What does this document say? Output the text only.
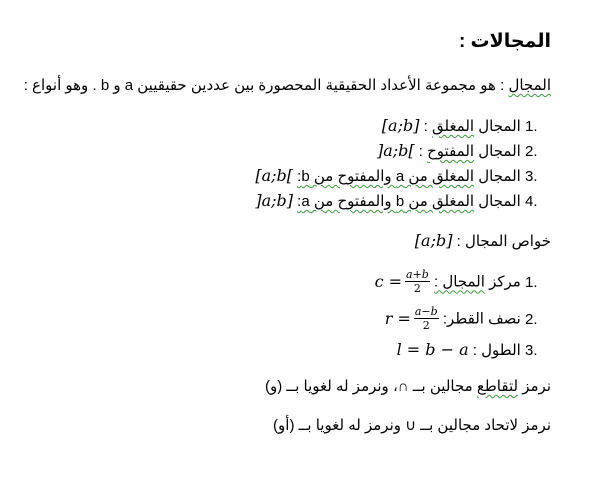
المجالات :
المجال : هو مجموعة الأعداد الحقيقية المحصورة بين عددين حقيقيين a و b . وهو أنواع :
1. المجال المغلق : [a;b]
2. المجال المفتوح : ]a;b[
3. المجال المغلق من a والمفتوح من b: [a;b[
4. المجال المغلق من b والمفتوح من a: ]a;b]
خواص المجال : [a;b]
1. مركز المجال :
$c = \frac{a+b}{2}$
2. نصف القطر:
$r = \frac{a-b}{2}$
3. الطول : l = b − a
نرمز لتقاطع مجالين بــ ∩، ونرمز له لغويا بــ (و)
نرمز لاتحاد مجالين بــ ∪ ونرمز له لغويا بــ (أو)
